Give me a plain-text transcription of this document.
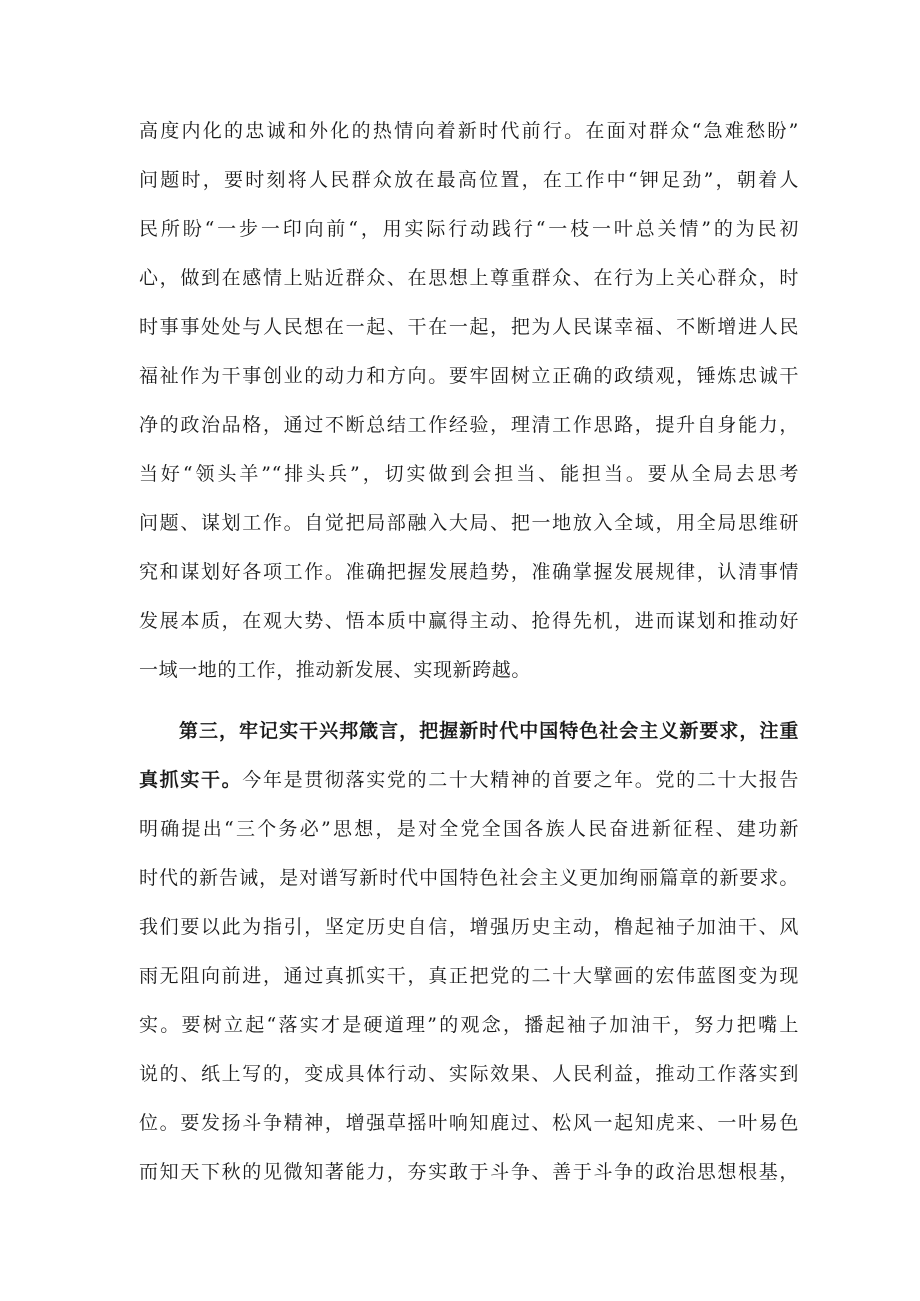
高度内化的忠诚和外化的热情向着新时代前行。在面对群众“急难愁盼”
问题时，要时刻将人民群众放在最高位置，在工作中“钾足劲”，朝着人
民所盼“一步一印向前“，用实际行动践行“一枝一叶总关情”的为民初
心，做到在感情上贴近群众、在思想上尊重群众、在行为上关心群众，时
时事事处处与人民想在一起、干在一起，把为人民谋幸福、不断增进人民
福祉作为干事创业的动力和方向。要牢固树立正确的政绩观，锤炼忠诚干
净的政治品格，通过不断总结工作经验，理清工作思路，提升自身能力，
当好“领头羊”“排头兵”，切实做到会担当、能担当。要从全局去思考
问题、谋划工作。自觉把局部融入大局、把一地放入全域，用全局思维研
究和谋划好各项工作。准确把握发展趋势，准确掌握发展规律，认清事情
发展本质，在观大势、悟本质中赢得主动、抢得先机，进而谋划和推动好
一域一地的工作，推动新发展、实现新跨越。
第三，牢记实干兴邦箴言，把握新时代中国特色社会主义新要求，注重
真抓实干。今年是贯彻落实党的二十大精神的首要之年。党的二十大报告
明确提出“三个务必”思想，是对全党全国各族人民奋进新征程、建功新
时代的新告诫，是对谱写新时代中国特色社会主义更加绚丽篇章的新要求。
我们要以此为指引，坚定历史自信，增强历史主动，橹起袖子加油干、风
雨无阻向前进，通过真抓实干，真正把党的二十大擘画的宏伟蓝图变为现
实。要树立起“落实才是硬道理”的观念，播起袖子加油干，努力把嘴上
说的、纸上写的，变成具体行动、实际效果、人民利益，推动工作落实到
位。要发扬斗争精神，增强草摇叶响知鹿过、松风一起知虎来、一叶易色
而知天下秋的见微知著能力，夯实敢于斗争、善于斗争的政治思想根基，
